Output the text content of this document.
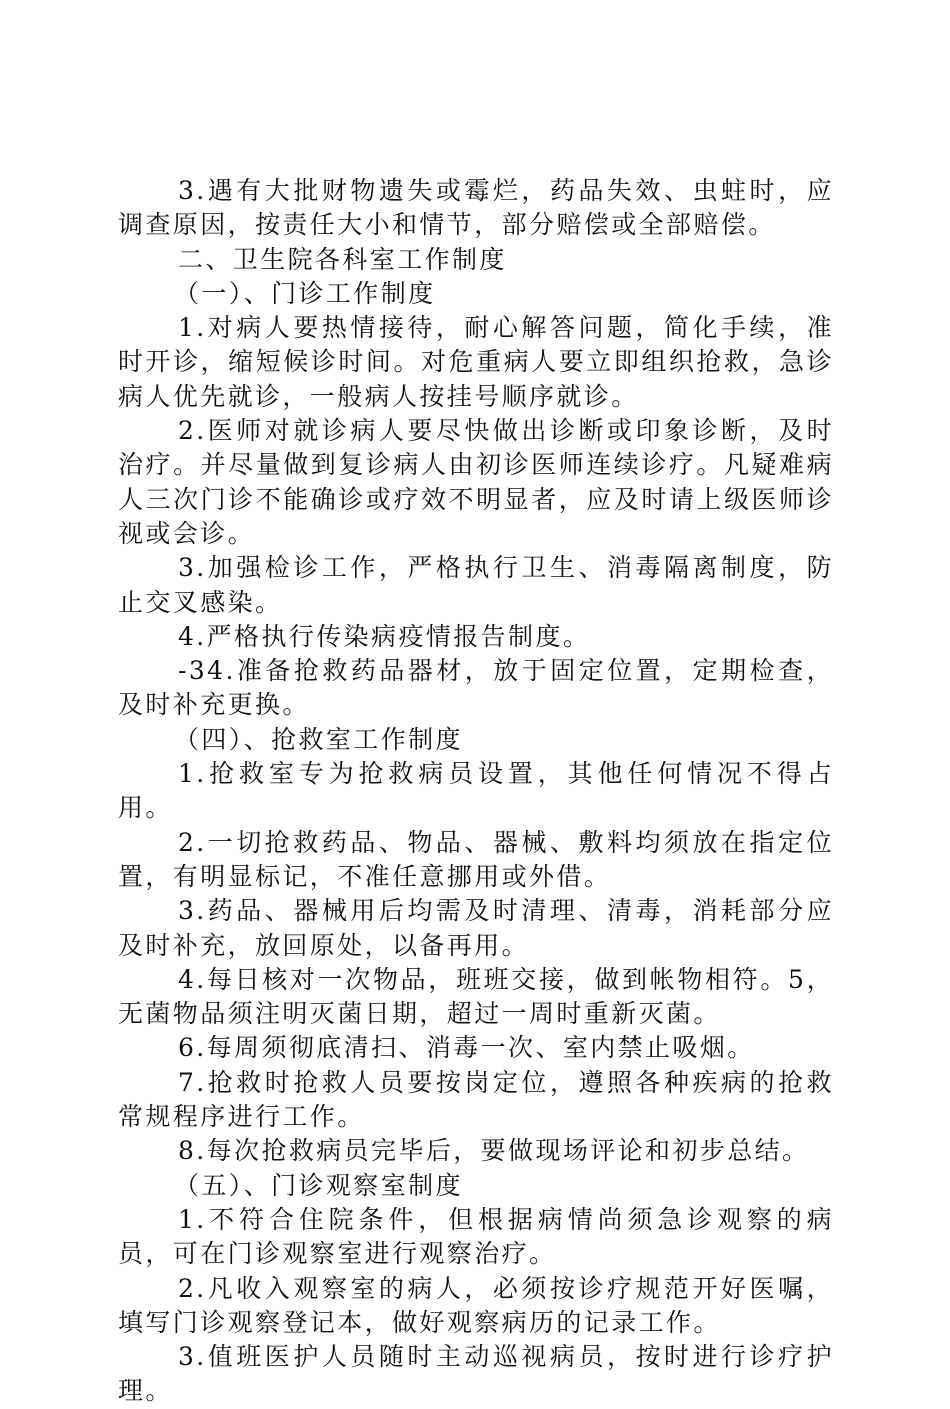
3.遇有大批财物遗失或霉烂，药品失效、虫蛀时，应调查原因，按责任大小和情节，部分赔偿或全部赔偿。

二、卫生院各科室工作制度

（一）、门诊工作制度

1.对病人要热情接待，耐心解答问题，简化手续，准时开诊，缩短候诊时间。对危重病人要立即组织抢救，急诊病人优先就诊，一般病人按挂号顺序就诊。

2.医师对就诊病人要尽快做出诊断或印象诊断，及时治疗。并尽量做到复诊病人由初诊医师连续诊疗。凡疑难病人三次门诊不能确诊或疗效不明显者，应及时请上级医师诊视或会诊。

3.加强检诊工作，严格执行卫生、消毒隔离制度，防止交叉感染。

4.严格执行传染病疫情报告制度。

-34.准备抢救药品器材，放于固定位置，定期检查，及时补充更换。

（四）、抢救室工作制度

1.抢救室专为抢救病员设置，其他任何情况不得占用。

2.一切抢救药品、物品、器械、敷料均须放在指定位置，有明显标记，不准任意挪用或外借。

3.药品、器械用后均需及时清理、清毒，消耗部分应及时补充，放回原处，以备再用。

4.每日核对一次物品，班班交接，做到帐物相符。5，无菌物品须注明灭菌日期，超过一周时重新灭菌。

6.每周须彻底清扫、消毒一次、室内禁止吸烟。

7.抢救时抢救人员要按岗定位，遵照各种疾病的抢救常规程序进行工作。

8.每次抢救病员完毕后，要做现场评论和初步总结。

（五）、门诊观察室制度

1.不符合住院条件，但根据病情尚须急诊观察的病员，可在门诊观察室进行观察治疗。

2.凡收入观察室的病人，必须按诊疗规范开好医嘱，填写门诊观察登记本，做好观察病历的记录工作。

3.值班医护人员随时主动巡视病员，按时进行诊疗护理。
